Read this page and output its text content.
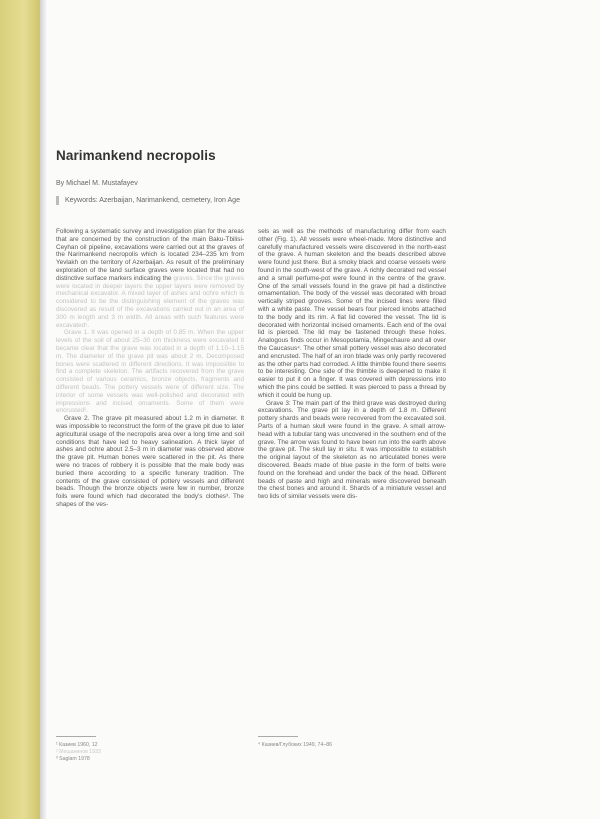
Narimankend necropolis
By Michael M. Mustafayev
Keywords: Azerbaijan, Narimankend, cemetery, Iron Age

Following a systematic survey and investigation plan for the areas that are concerned by the construction of the main Baku-Tbilisi-Ceyhan oil pipeline, excavations were carried out at the graves of the Narimankend necropolis which is located 234–235 km from Yevlakh on the territory of Azerbaijan. As result of the preliminary exploration of the land surface graves were located that had no distinctive surface markers indicating the graves. Since the graves were located in deeper layers the upper layers were removed by mechanical excavator. A mixed layer of ashes and ochre which is considered to be the distinguishing element of the graves was discovered as result of the excavations carried out in an area of 300 m length and 3 m width. All areas with such features were excavated¹.

Grave 1. It was opened in a depth of 0.85 m. When the upper levels of the soil of about 25–30 cm thickness were excavated it became clear that the grave was located in a depth of 1.10–1.15 m. The diameter of the grave pit was about 2 m. Decomposed bones were scattered in different directions. It was impossible to find a complete skeleton. The artifacts recovered from the grave consisted of various ceramics, bronze objects, fragments and different beads. The pottery vessels were of different size. The interior of some vessels was well-polished and decorated with impressions and incised ornaments. Some of them were encrusted².

Grave 2. The grave pit measured about 1.2 m in diameter. It was impossible to reconstruct the form of the grave pit due to later agricultural usage of the necropolis area over a long time and soil conditions that have led to heavy salineation. A thick layer of ashes and ochre about 2.5–3 m in diameter was observed above the grave pit. Human bones were scattered in the pit. As there were no traces of robbery it is possible that the male body was buried there according to a specific funerary tradition. The contents of the grave consisted of pottery vessels and different beads. Though the bronze objects were few in number, bronze foils were found which had decorated the body's clothes³. The shapes of the ves-

sels as well as the methods of manufacturing differ from each other (Fig. 1). All vessels were wheel-made. More distinctive and carefully manufactured vessels were discovered in the north-east of the grave. A human skeleton and the beads described above were found just there. But a smoky black and coarse vessels were found in the south-west of the grave. A richly decorated red vessel and a small perfume-pot were found in the centre of the grave. One of the small vessels found in the grave pit had a distinctive ornamentation. The body of the vessel was decorated with broad vertically striped grooves. Some of the incised lines were filled with a white paste. The vessel bears four pierced knobs attached to the body and its rim. A flat lid covered the vessel. The lid is decorated with horizontal incised ornaments. Each end of the oval lid is pierced. The lid may be fastened through these holes. Analogous finds occur in Mesopotamia, Mingechaure and all over the Caucasus⁴. The other small pottery vessel was also decorated and encrusted. The half of an iron blade was only partly recovered as the other parts had corroded. A little thimble found there seems to be interesting. One side of the thimble is deepened to make it easier to put it on a finger. It was covered with depressions into which the pins could be settled. It was pierced to pass a thread by which it could be hung up.

Grave 3: The main part of the third grave was destroyed during excavations. The grave pit lay in a depth of 1.8 m. Different pottery shards and beads were recovered from the excavated soil. Parts of a human skull were found in the grave. A small arrow-head with a tubular tang was uncovered in the southern end of the grave. The arrow was found to have been run into the earth above the grave pit. The skull lay in situ. It was impossible to establish the original layout of the skeleton as no articulated bones were discovered. Beads made of blue paste in the form of belts were found on the forehead and under the back of the head. Different beads of paste and high and minerals were discovered beneath the chest bones and around it. Shards of a miniature vessel and two lids of similar vessels were dis-

¹ Казиев 1960, 12
² Мещанинов 1933
³ Saglam 1978
⁴ Казиев/Глубоких 1949, 74–86
